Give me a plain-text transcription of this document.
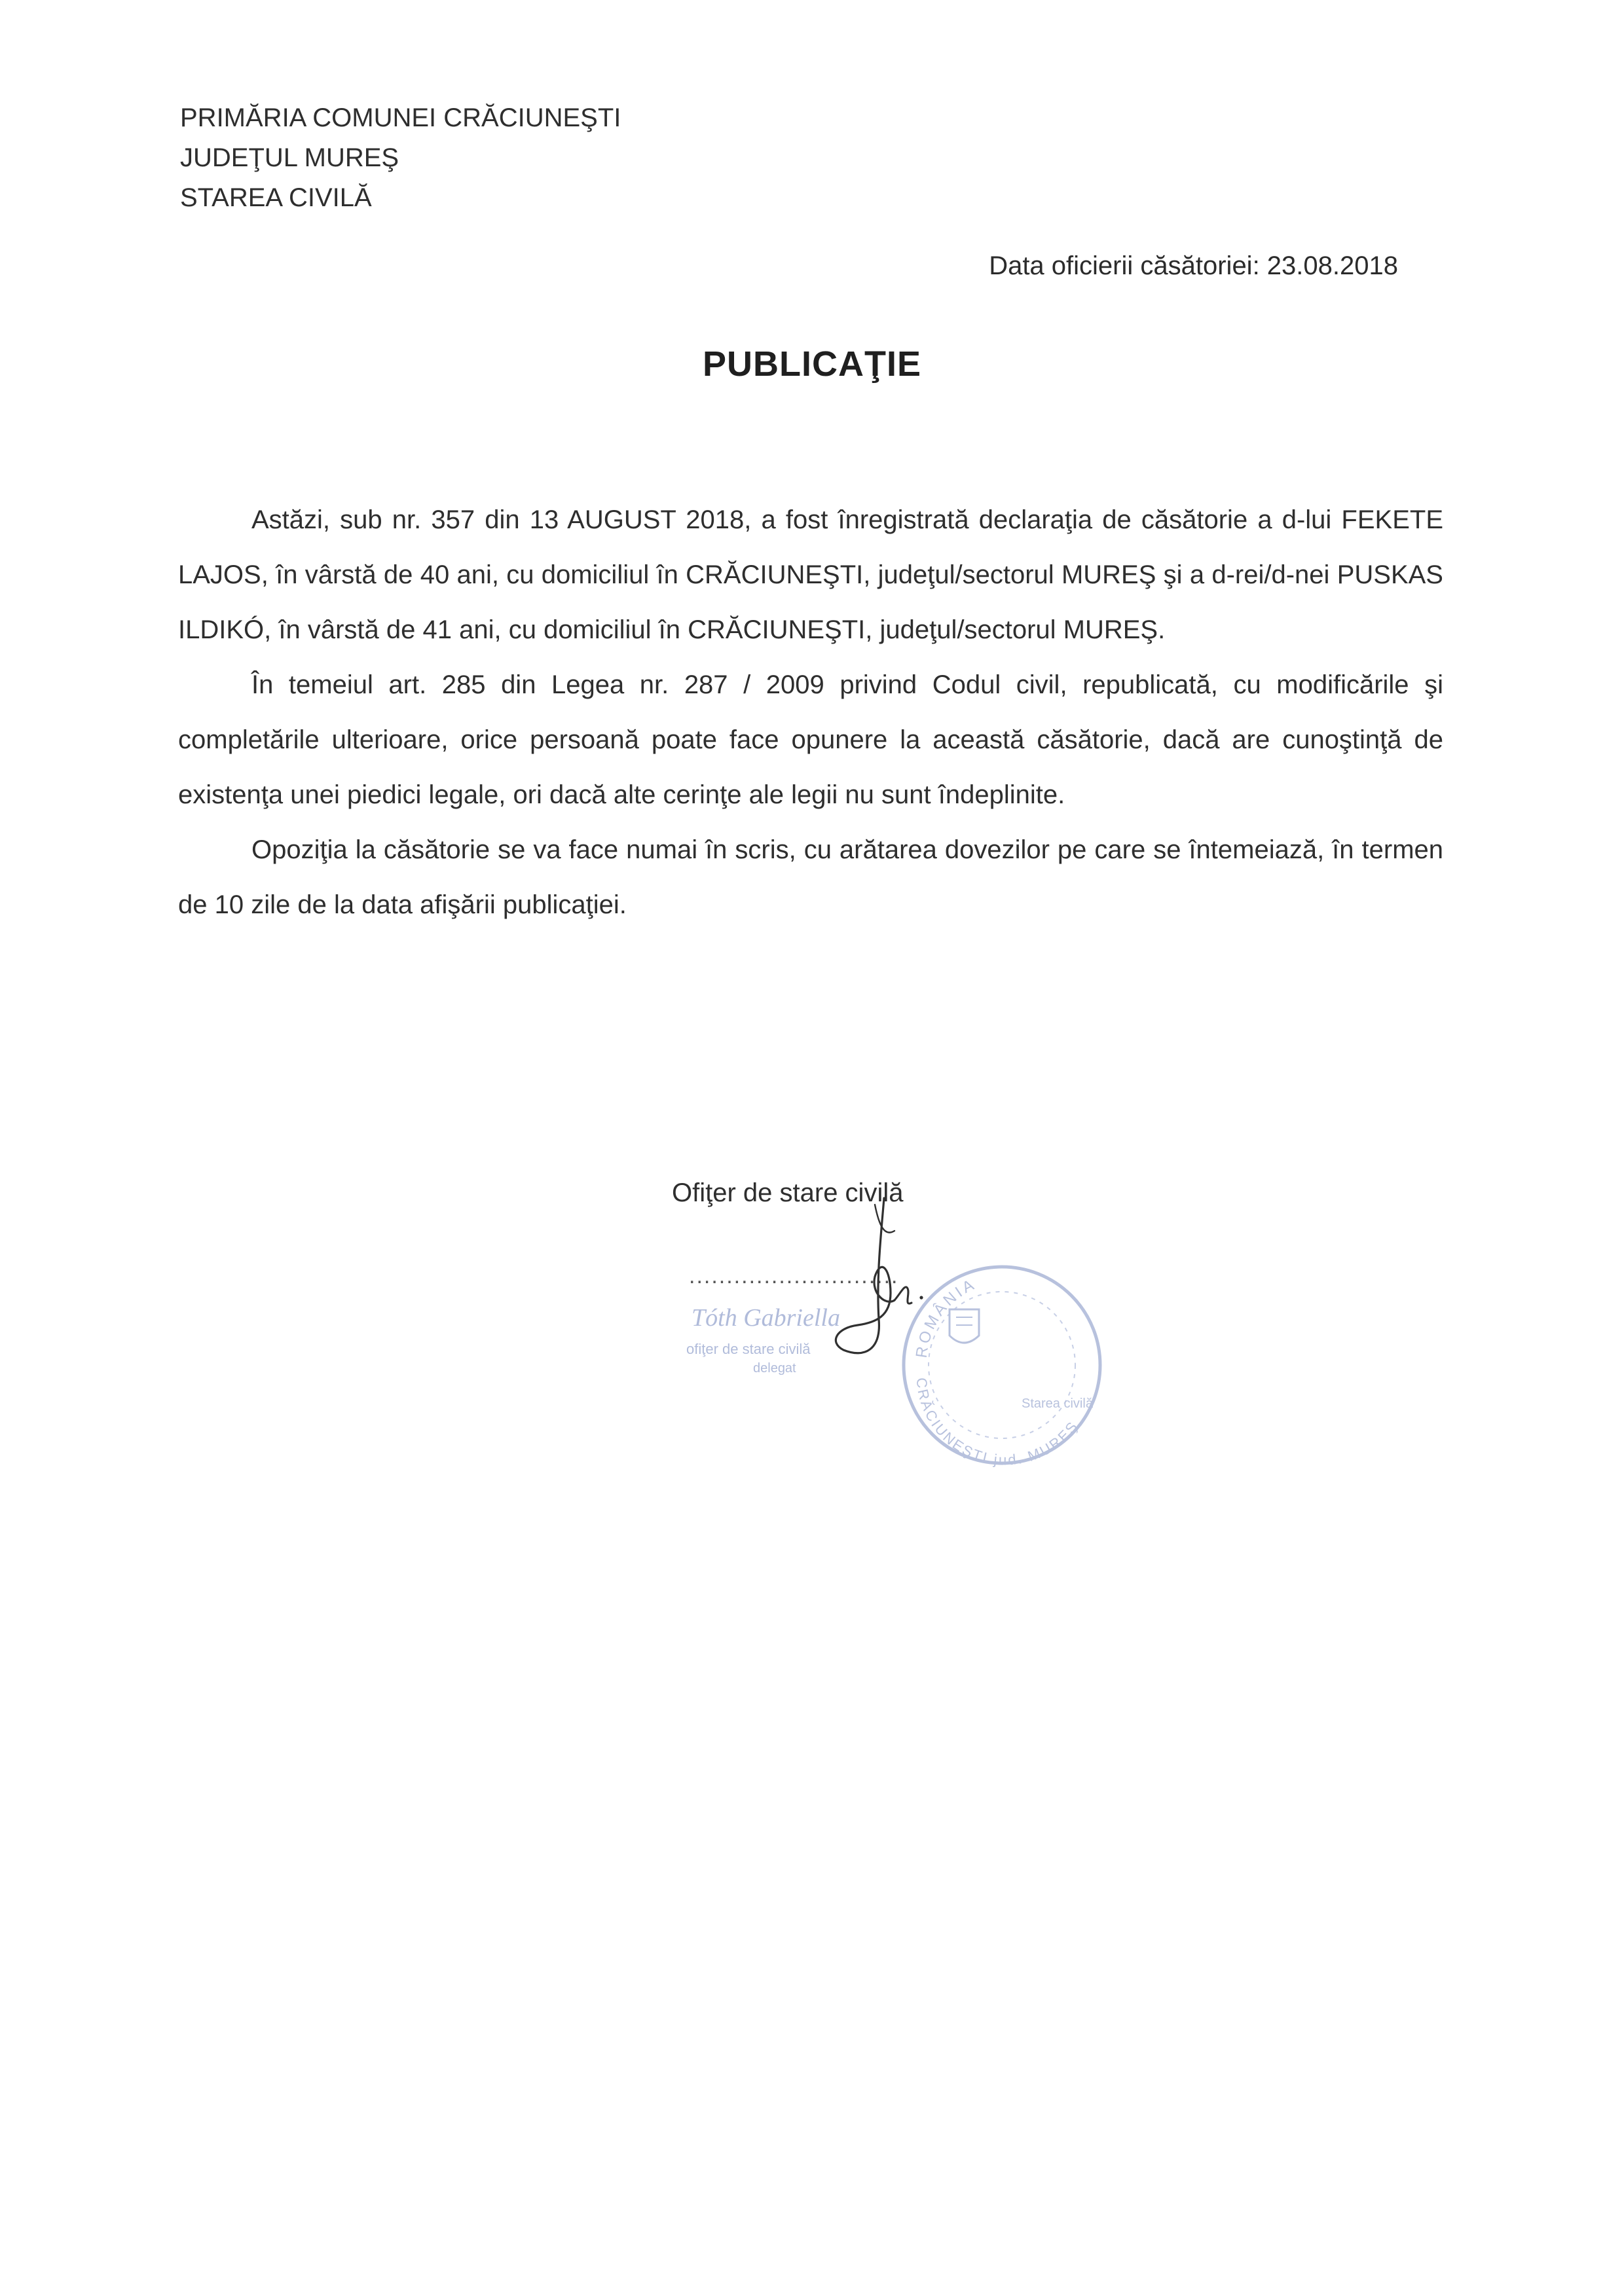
PRIMĂRIA COMUNEI CRĂCIUNEŞTI
JUDEŢUL MUREŞ
STAREA CIVILĂ
Data oficierii căsătoriei: 23.08.2018
PUBLICAŢIE

Astăzi, sub nr. 357 din 13 AUGUST 2018, a fost înregistrată declaraţia de căsătorie a d-lui FEKETE LAJOS, în vârstă de 40 ani, cu domiciliul în CRĂCIUNEŞTI, judeţul/sectorul MUREŞ şi a d-rei/d-nei PUSKAS ILDIKÓ, în vârstă de 41 ani, cu domiciliul în CRĂCIUNEŞTI, judeţul/sectorul MUREŞ.

În temeiul art. 285 din Legea nr. 287 / 2009 privind Codul civil, republicată, cu modificările şi completările ulterioare, orice persoană poate face opunere la această căsătorie, dacă are cunoştinţă de existenţa unei piedici legale, ori dacă alte cerinţe ale legii nu sunt îndeplinite.

Opoziţia la căsătorie se va face numai în scris, cu arătarea dovezilor pe care se întemeiază, în termen de 10 zile de la data afişării publicaţiei.

Ofiţer de stare civilă
............................
ROMÂNIA
CRĂCIUNEŞTI jud. MUREŞ
Starea civilă
Tóth Gabriella
ofiţer de stare civilă
delegat
